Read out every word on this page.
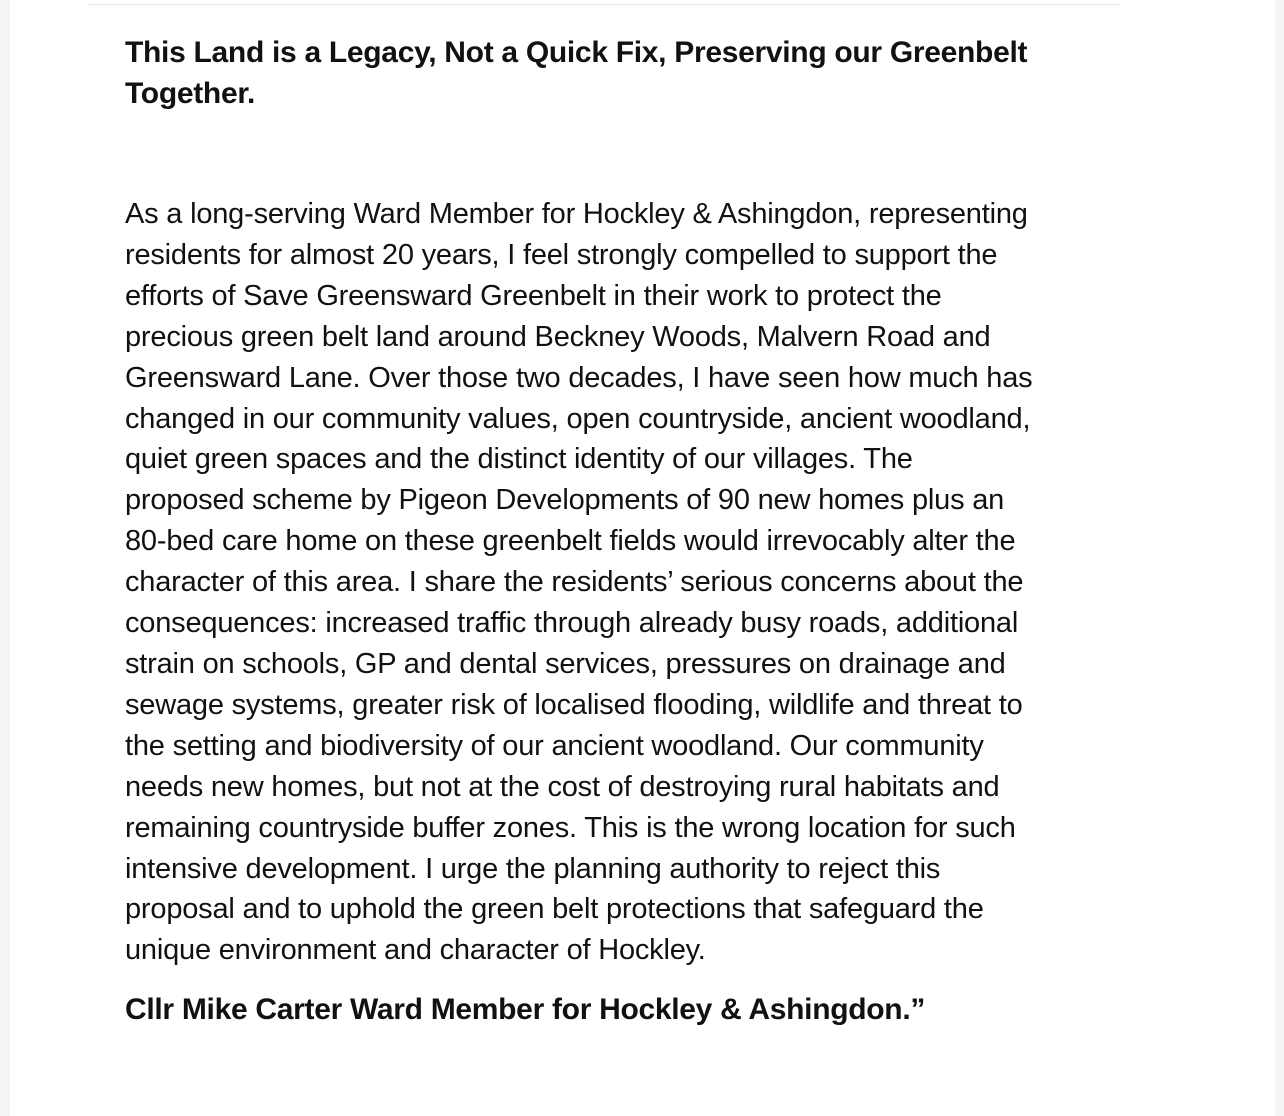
This Land is a Legacy, Not a Quick Fix, Preserving our Greenbelt
Together.
As a long-serving Ward Member for Hockley & Ashingdon, representing
residents for almost 20 years, I feel strongly compelled to support the
efforts of Save Greensward Greenbelt in their work to protect the
precious green belt land around Beckney Woods, Malvern Road and
Greensward Lane. Over those two decades, I have seen how much has
changed in our community values, open countryside, ancient woodland,
quiet green spaces and the distinct identity of our villages. The
proposed scheme by Pigeon Developments of 90 new homes plus an
80-bed care home on these greenbelt fields would irrevocably alter the
character of this area. I share the residents’ serious concerns about the
consequences: increased traffic through already busy roads, additional
strain on schools, GP and dental services, pressures on drainage and
sewage systems, greater risk of localised flooding, wildlife and threat to
the setting and biodiversity of our ancient woodland. Our community
needs new homes, but not at the cost of destroying rural habitats and
remaining countryside buffer zones. This is the wrong location for such
intensive development. I urge the planning authority to reject this
proposal and to uphold the green belt protections that safeguard the
unique environment and character of Hockley.
Cllr Mike Carter Ward Member for Hockley & Ashingdon.”
